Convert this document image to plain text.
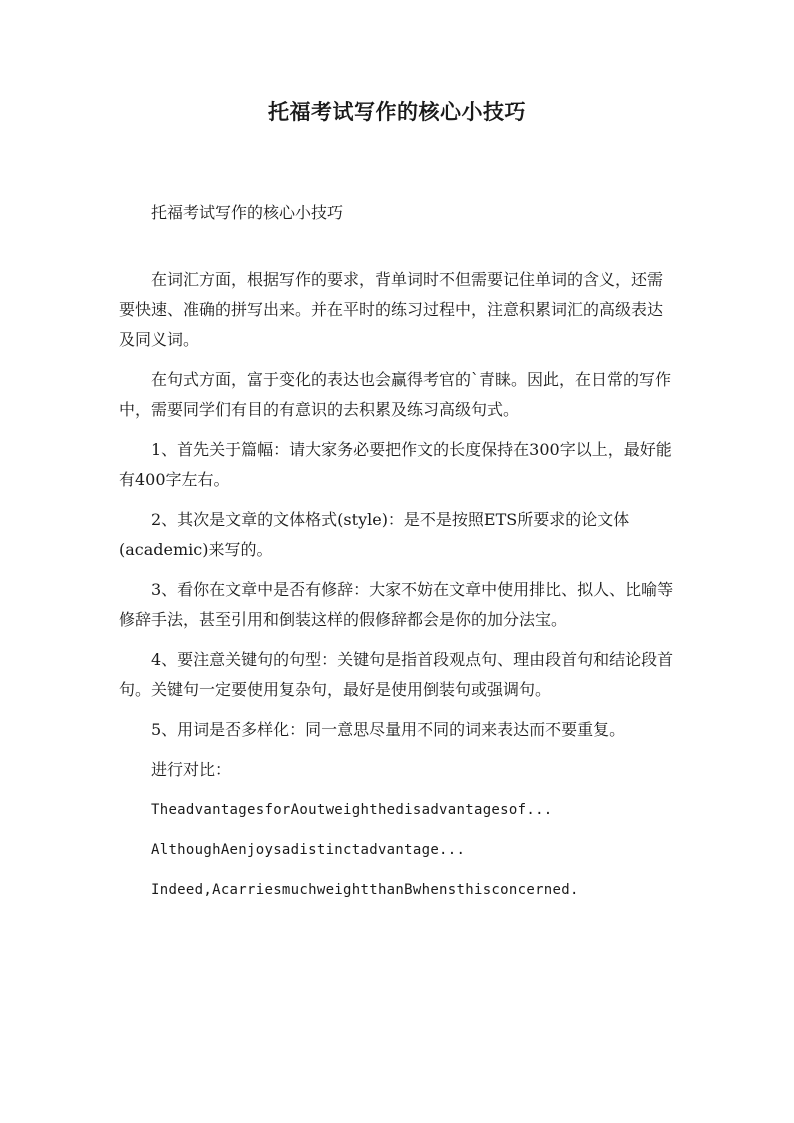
托福考试写作的核心小技巧

托福考试写作的核心小技巧

在词汇方面，根据写作的要求，背单词时不但需要记住单词的含义，还需要快速、准确的拼写出来。并在平时的练习过程中，注意积累词汇的高级表达及同义词。

在句式方面，富于变化的表达也会赢得考官的`青睐。因此，在日常的写作中，需要同学们有目的有意识的去积累及练习高级句式。

1、首先关于篇幅：请大家务必要把作文的长度保持在300字以上，最好能有400字左右。

2、其次是文章的文体格式(style)：是不是按照ETS所要求的论文体(academic)来写的。

3、看你在文章中是否有修辞：大家不妨在文章中使用排比、拟人、比喻等修辞手法，甚至引用和倒装这样的假修辞都会是你的加分法宝。

4、要注意关键句的句型：关键句是指首段观点句、理由段首句和结论段首句。关键句一定要使用复杂句，最好是使用倒装句或强调句。

5、用词是否多样化：同一意思尽量用不同的词来表达而不要重复。

进行对比：

TheadvantagesforAoutweighthedisadvantagesof...

AlthoughAenjoysadistinctadvantage...

Indeed,AcarriesmuchweightthanBwhensthisconcerned.
